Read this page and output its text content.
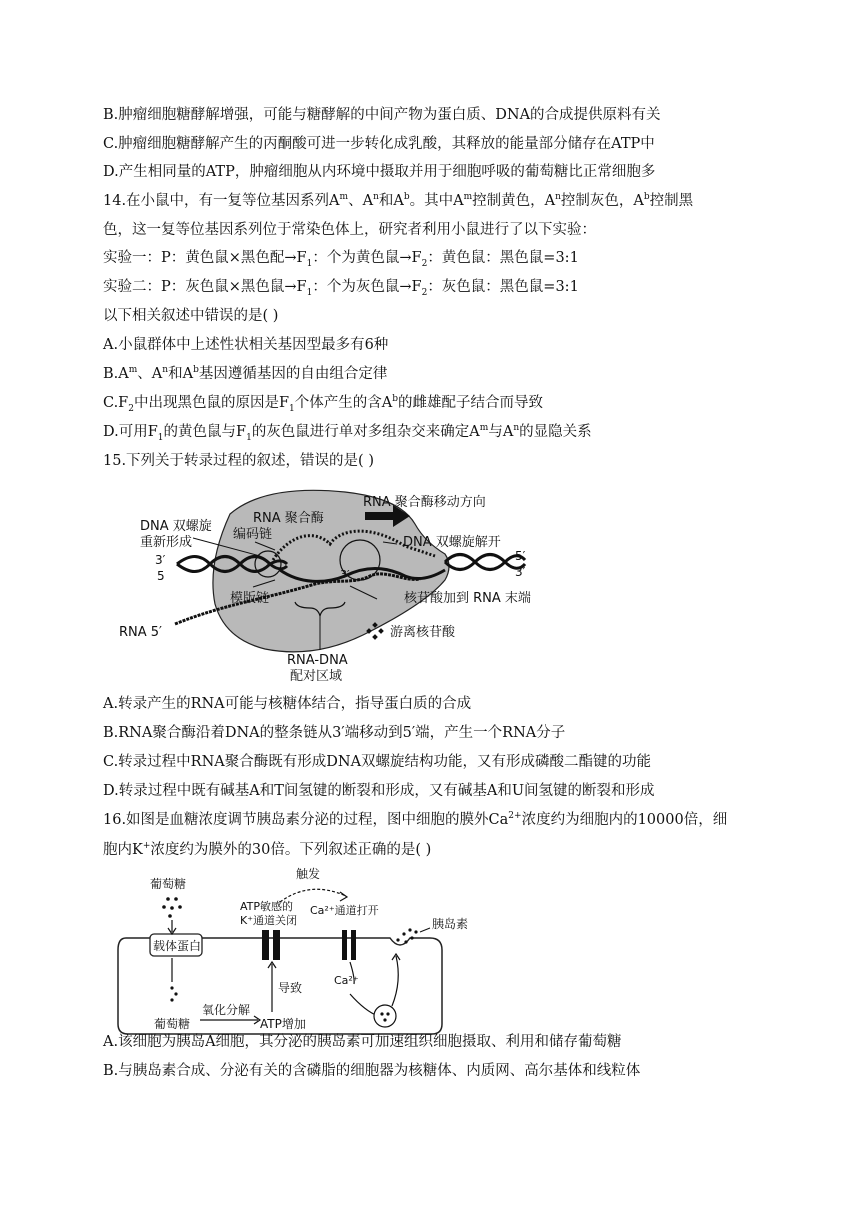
B.肿瘤细胞糖酵解增强，可能与糖酵解的中间产物为蛋白质、DNA的合成提供原料有关
C.肿瘤细胞糖酵解产生的丙酮酸可进一步转化成乳酸，其释放的能量部分储存在ATP中
D.产生相同量的ATP，肿瘤细胞从内环境中摄取并用于细胞呼吸的葡萄糖比正常细胞多
14.在小鼠中，有一复等位基因系列$A^m$、$A^n$和$A^b$。其中$A^m$控制黄色，$A^n$控制灰色，$A^b$控制黑
色，这一复等位基因系列位于常染色体上，研究者利用小鼠进行了以下实验：
实验一：P：黄色鼠×黑色配$\to F_1$：个为黄色鼠$\to F_2$：黄色鼠：黑色鼠=3:1
实验二：P：灰色鼠×黑色鼠$\to F_1$：个为灰色鼠$\to F_2$：灰色鼠：黑色鼠=3:1
以下相关叙述中错误的是( )
A.小鼠群体中上述性状相关基因型最多有6种
$B.A^m$、$A^n$和$A^b$基因遵循基因的自由组合定律
$C.F_2$中出现黑色鼠的原因是$F_1$个体产生的含$A^b$的雌雄配子结合而导致
D.可用$F_1$的黄色鼠与$F_1$的灰色鼠进行单对多组杂交来确定$A^m$与$A^n$的显隐关系
15.下列关于转录过程的叙述，错误的是( )
RNA 聚合酶
RNA 聚合酶移动方向
DNA 双螺旋
重新形成
编码链
DNA 双螺旋解开
模版链	核苷酸加到 RNA 末端
游离核苷酸
RNA 5′
RNA-DNA
配对区域
3′
5
5′
3′
3′
A.转录产生的RNA可能与核糖体结合，指导蛋白质的合成
B.RNA聚合酶沿着DNA的整条链从3′端移动到5′端，产生一个RNA分子
C.转录过程中RNA聚合酶既有形成DNA双螺旋结构功能，又有形成磷酸二酯键的功能
D.转录过程中既有碱基A和T间氢键的断裂和形成，又有碱基A和U间氢键的断裂和形成
16.如图是血糖浓度调节胰岛素分泌的过程，图中细胞的膜外$Ca^{2+}$浓度约为细胞内的10000倍，细
胞内K+浓度约为膜外的30倍。下列叙述正确的是( )
葡萄糖
载体蛋白
葡萄糖
氧化分解
ATP增加
导致
ATP敏感的
K⁺通道关闭
触发
Ca²⁺通道打开
Ca²⁺
胰岛素
A.该细胞为胰岛A细胞，其分泌的胰岛素可加速组织细胞摄取、利用和储存葡萄糖
B.与胰岛素合成、分泌有关的含磷脂的细胞器为核糖体、内质网、高尔基体和线粒体
